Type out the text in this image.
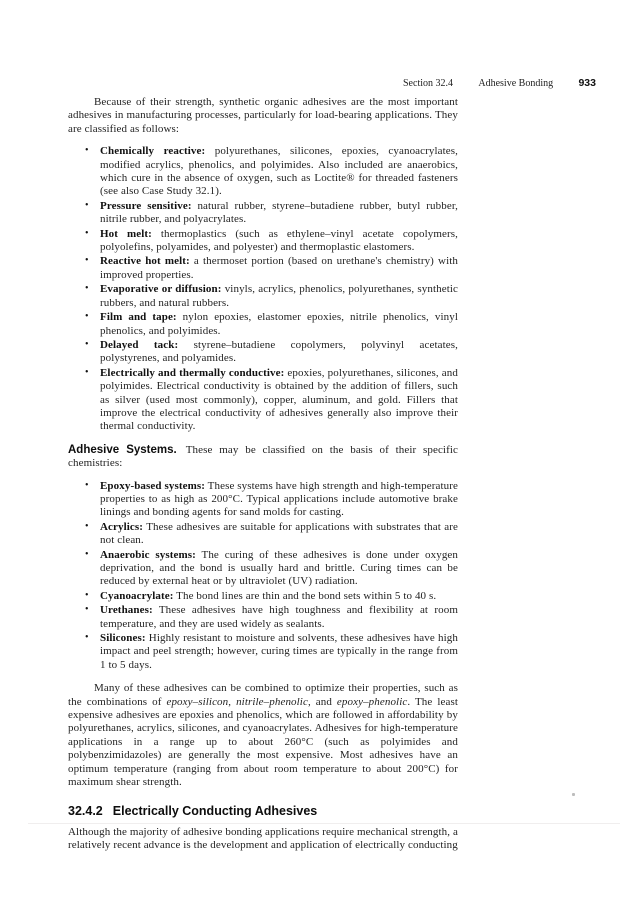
Section 32.4	Adhesive Bonding 933

Because of their strength, synthetic organic adhesives are the most important adhesives in manufacturing processes, particularly for load-bearing applications. They are classified as follows:

• Chemically reactive: polyurethanes, silicones, epoxies, cyanoacrylates, modified acrylics, phenolics, and polyimides. Also included are anaerobics, which cure in the absence of oxygen, such as Loctite® for threaded fasteners (see also Case Study 32.1).
• Pressure sensitive: natural rubber, styrene–butadiene rubber, butyl rubber, nitrile rubber, and polyacrylates.
• Hot melt: thermoplastics (such as ethylene–vinyl acetate copolymers, polyolefins, polyamides, and polyester) and thermoplastic elastomers.
• Reactive hot melt: a thermoset portion (based on urethane's chemistry) with improved properties.
• Evaporative or diffusion: vinyls, acrylics, phenolics, polyurethanes, synthetic rubbers, and natural rubbers.
• Film and tape: nylon epoxies, elastomer epoxies, nitrile phenolics, vinyl phenolics, and polyimides.
• Delayed tack: styrene–butadiene copolymers, polyvinyl acetates, polystyrenes, and polyamides.
• Electrically and thermally conductive: epoxies, polyurethanes, silicones, and polyimides. Electrical conductivity is obtained by the addition of fillers, such as silver (used most commonly), copper, aluminum, and gold. Fillers that improve the electrical conductivity of adhesives generally also improve their thermal conductivity.

Adhesive Systems. These may be classified on the basis of their specific chemistries:

• Epoxy-based systems: These systems have high strength and high-temperature properties to as high as 200°C. Typical applications include automotive brake linings and bonding agents for sand molds for casting.
• Acrylics: These adhesives are suitable for applications with substrates that are not clean.
• Anaerobic systems: The curing of these adhesives is done under oxygen deprivation, and the bond is usually hard and brittle. Curing times can be reduced by external heat or by ultraviolet (UV) radiation.
• Cyanoacrylate: The bond lines are thin and the bond sets within 5 to 40 s.
• Urethanes: These adhesives have high toughness and flexibility at room temperature, and they are used widely as sealants.
• Silicones: Highly resistant to moisture and solvents, these adhesives have high impact and peel strength; however, curing times are typically in the range from 1 to 5 days.

Many of these adhesives can be combined to optimize their properties, such as the combinations of epoxy–silicon, nitrile–phenolic, and epoxy–phenolic. The least expensive adhesives are epoxies and phenolics, which are followed in affordability by polyurethanes, acrylics, silicones, and cyanoacrylates. Adhesives for high-temperature applications in a range up to about 260°C (such as polyimides and polybenzimidazoles) are generally the most expensive. Most adhesives have an optimum temperature (ranging from about room temperature to about 200°C) for maximum shear strength.

32.4.2 Electrically Conducting Adhesives

Although the majority of adhesive bonding applications require mechanical strength, a relatively recent advance is the development and application of electrically conducting
